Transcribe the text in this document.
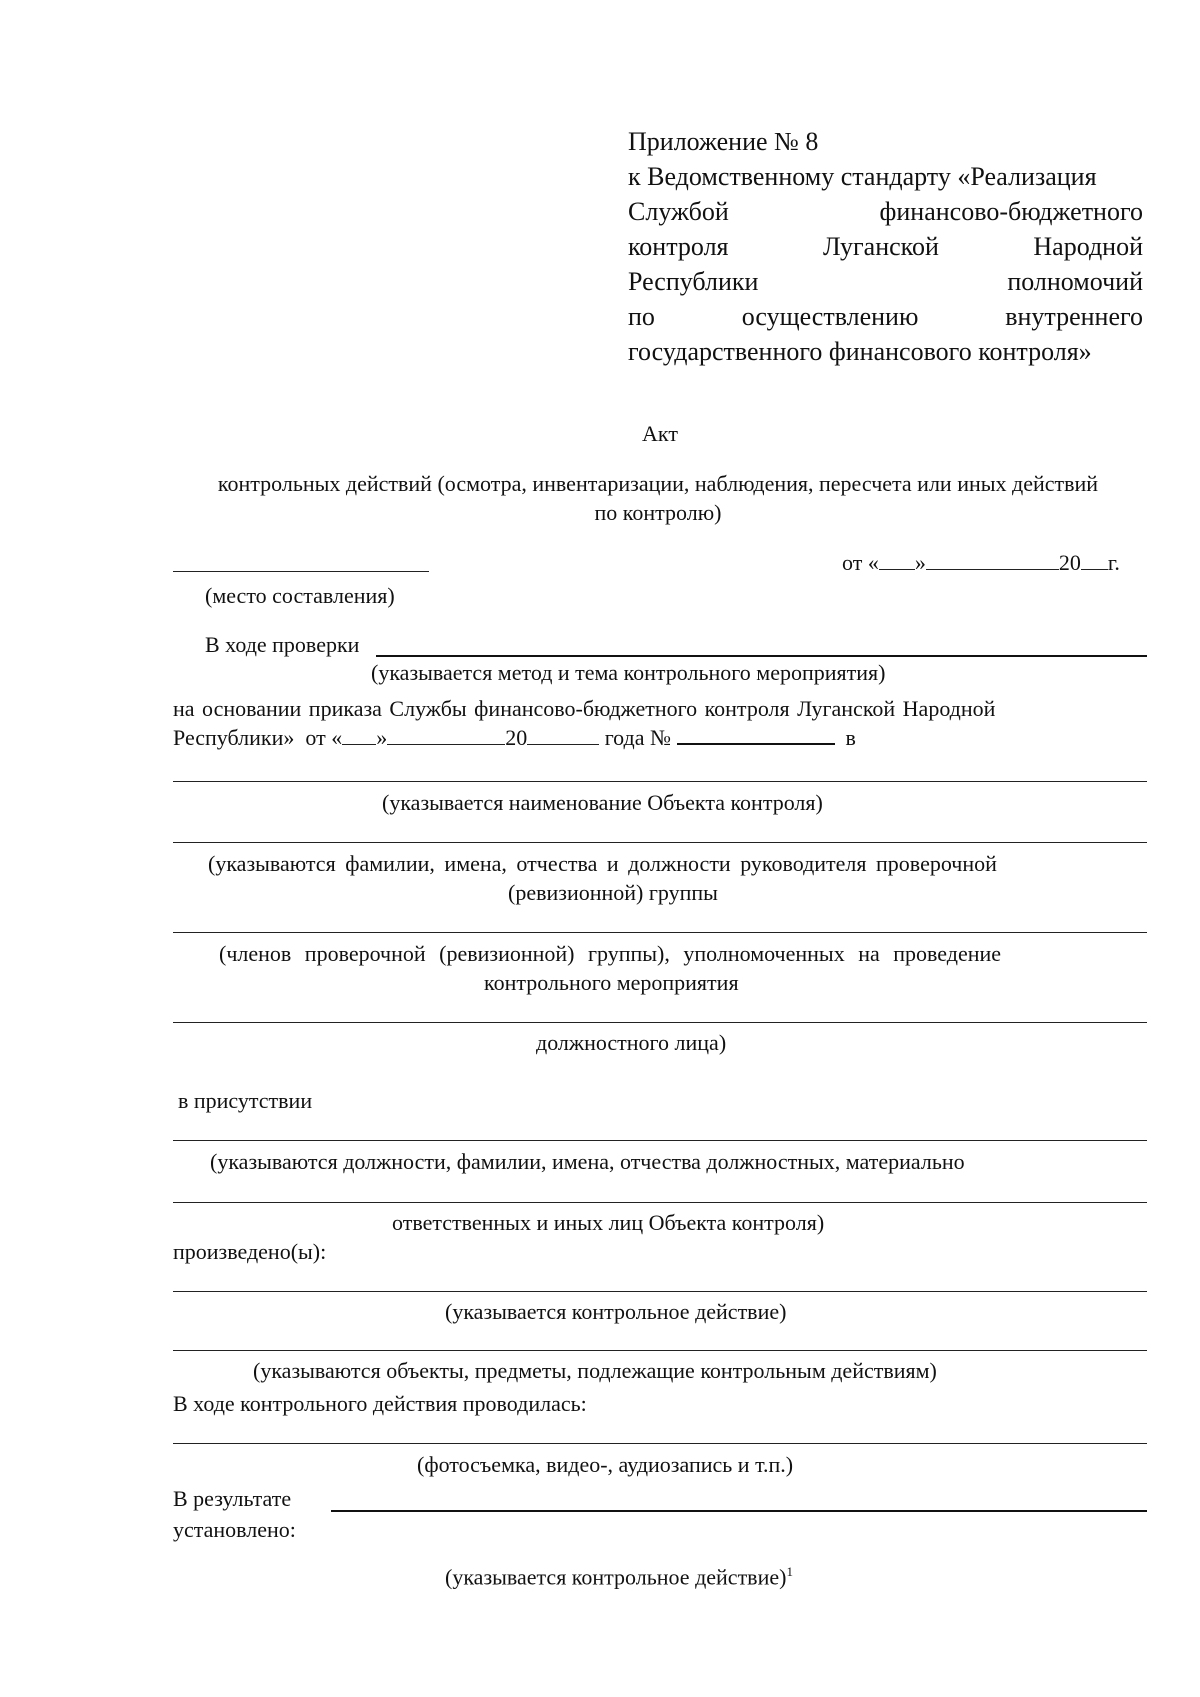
Приложение № 8
к Ведомственному стандарту «Реализация
Службой	финансово-бюджетного
контроля	Луганской	Народной
Республики	полномочий
по	осуществлению	внутреннего
государственного финансового контроля»
Акт
контрольных действий (осмотра, инвентаризации, наблюдения, пересчета или иных действий
по контролю)
от « »	20 г.
(место составления)
В ходе проверки
(указывается метод и тема контрольного мероприятия)
на основании приказа Службы финансово-бюджетного контроля Луганской Народной
Республики» от « »	20	года №	в
(указывается наименование Объекта контроля)
(указываются фамилии, имена, отчества и должности руководителя проверочной
(ревизионной) группы
(членов проверочной (ревизионной) группы), уполномоченных на проведение
контрольного мероприятия
должностного лица)
в присутствии
(указываются должности, фамилии, имена, отчества должностных, материально
ответственных и иных лиц Объекта контроля)
произведено(ы):
(указывается контрольное действие)
(указываются объекты, предметы, подлежащие контрольным действиям)
В ходе контрольного действия проводилась:
(фотосъемка, видео-, аудиозапись и т.п.)
В результате
установлено:
(указывается контрольное действие)$^1$
